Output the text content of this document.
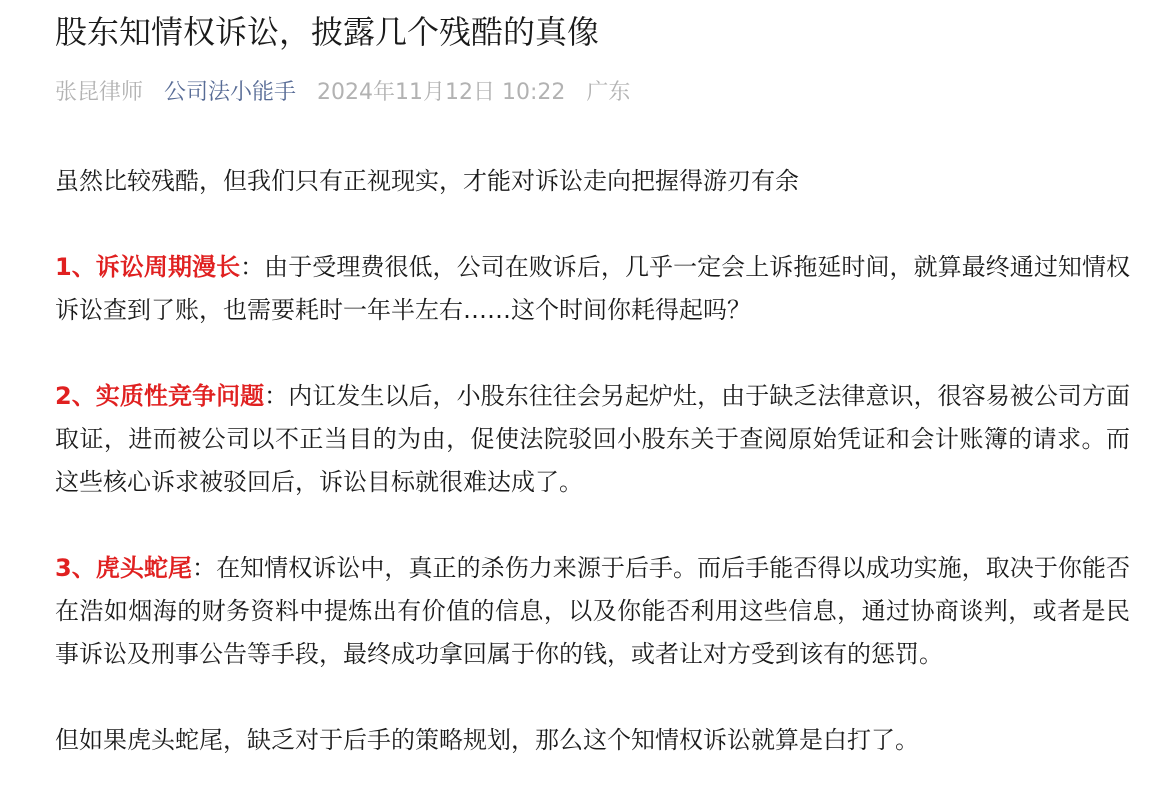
股东知情权诉讼，披露几个残酷的真像
张昆律师 公司法小能手 2024年11月12日 10:22 广东

虽然比较残酷，但我们只有正视现实，才能对诉讼走向把握得游刃有余

1、诉讼周期漫长：由于受理费很低，公司在败诉后，几乎一定会上诉拖延时间，就算最终通过知情权诉讼查到了账，也需要耗时一年半左右……这个时间你耗得起吗？

2、实质性竞争问题：内讧发生以后，小股东往往会另起炉灶，由于缺乏法律意识，很容易被公司方面取证，进而被公司以不正当目的为由，促使法院驳回小股东关于查阅原始凭证和会计账簿的请求。而这些核心诉求被驳回后，诉讼目标就很难达成了。

3、虎头蛇尾：在知情权诉讼中，真正的杀伤力来源于后手。而后手能否得以成功实施，取决于你能否在浩如烟海的财务资料中提炼出有价值的信息，以及你能否利用这些信息，通过协商谈判，或者是民事诉讼及刑事公告等手段，最终成功拿回属于你的钱，或者让对方受到该有的惩罚。

但如果虎头蛇尾，缺乏对于后手的策略规划，那么这个知情权诉讼就算是白打了。
